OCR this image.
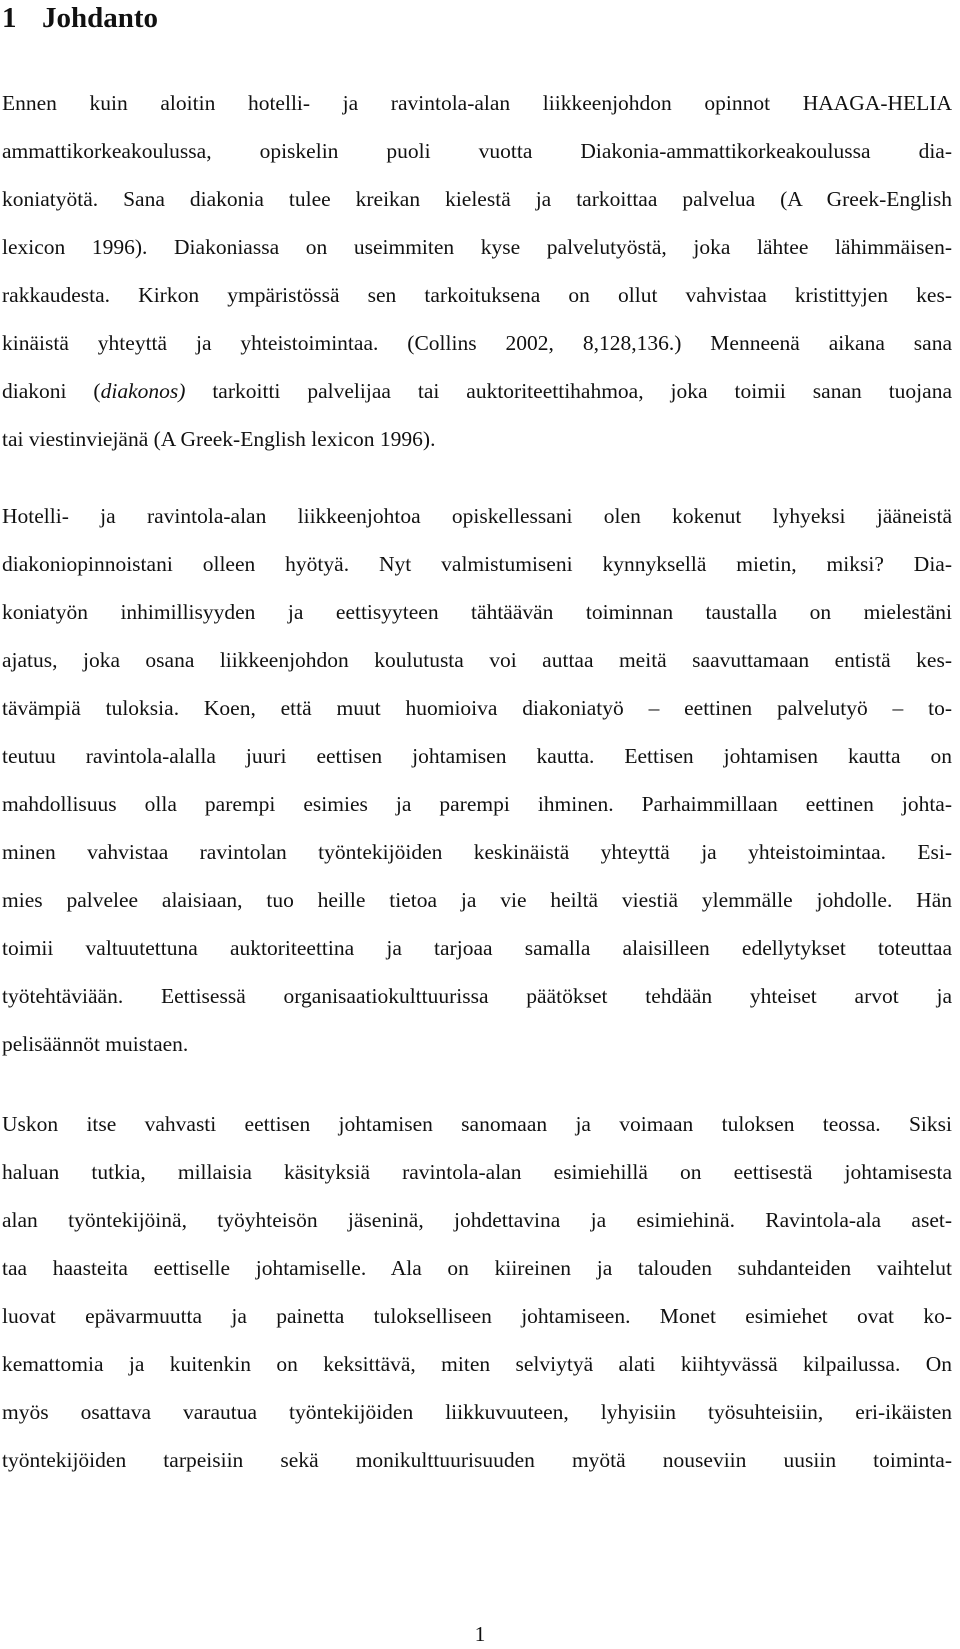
1 Johdanto
Ennen kuin aloitin hotelli- ja ravintola-alan liikkeenjohdon opinnot HAAGA-HELIA
ammattikorkeakoulussa, opiskelin puoli vuotta Diakonia-ammattikorkeakoulussa dia-
koniatyötä. Sana diakonia tulee kreikan kielestä ja tarkoittaa palvelua (A Greek-English
lexicon 1996). Diakoniassa on useimmiten kyse palvelutyöstä, joka lähtee lähimmäisen-
rakkaudesta. Kirkon ympäristössä sen tarkoituksena on ollut vahvistaa kristittyjen kes-
kinäistä yhteyttä ja yhteistoimintaa. (Collins 2002, 8,128,136.) Menneenä aikana sana
diakoni (diakonos) tarkoitti palvelijaa tai auktoriteettihahmoa, joka toimii sanan tuojana
tai viestinviejänä (A Greek-English lexicon 1996).
Hotelli- ja ravintola-alan liikkeenjohtoa opiskellessani olen kokenut lyhyeksi jääneistä
diakoniopinnoistani olleen hyötyä. Nyt valmistumiseni kynnyksellä mietin, miksi? Dia-
koniatyön inhimillisyyden ja eettisyyteen tähtäävän toiminnan taustalla on mielestäni
ajatus, joka osana liikkeenjohdon koulutusta voi auttaa meitä saavuttamaan entistä kes-
tävämpiä tuloksia. Koen, että muut huomioiva diakoniatyö – eettinen palvelutyö – to-
teutuu ravintola-alalla juuri eettisen johtamisen kautta. Eettisen johtamisen kautta on
mahdollisuus olla parempi esimies ja parempi ihminen. Parhaimmillaan eettinen johta-
minen vahvistaa ravintolan työntekijöiden keskinäistä yhteyttä ja yhteistoimintaa. Esi-
mies palvelee alaisiaan, tuo heille tietoa ja vie heiltä viestiä ylemmälle johdolle. Hän
toimii valtuutettuna auktoriteettina ja tarjoaa samalla alaisilleen edellytykset toteuttaa
työtehtäviään. Eettisessä organisaatiokulttuurissa päätökset tehdään yhteiset arvot ja
pelisäännöt muistaen.
Uskon itse vahvasti eettisen johtamisen sanomaan ja voimaan tuloksen teossa. Siksi
haluan tutkia, millaisia käsityksiä ravintola-alan esimiehillä on eettisestä johtamisesta
alan työntekijöinä, työyhteisön jäseninä, johdettavina ja esimiehinä. Ravintola-ala aset-
taa haasteita eettiselle johtamiselle. Ala on kiireinen ja talouden suhdanteiden vaihtelut
luovat epävarmuutta ja painetta tulokselliseen johtamiseen. Monet esimiehet ovat ko-
kemattomia ja kuitenkin on keksittävä, miten selviytyä alati kiihtyvässä kilpailussa. On
myös osattava varautua työntekijöiden liikkuvuuteen, lyhyisiin työsuhteisiin, eri-ikäisten
työntekijöiden tarpeisiin sekä monikulttuurisuuden myötä nouseviin uusiin toiminta-
1
